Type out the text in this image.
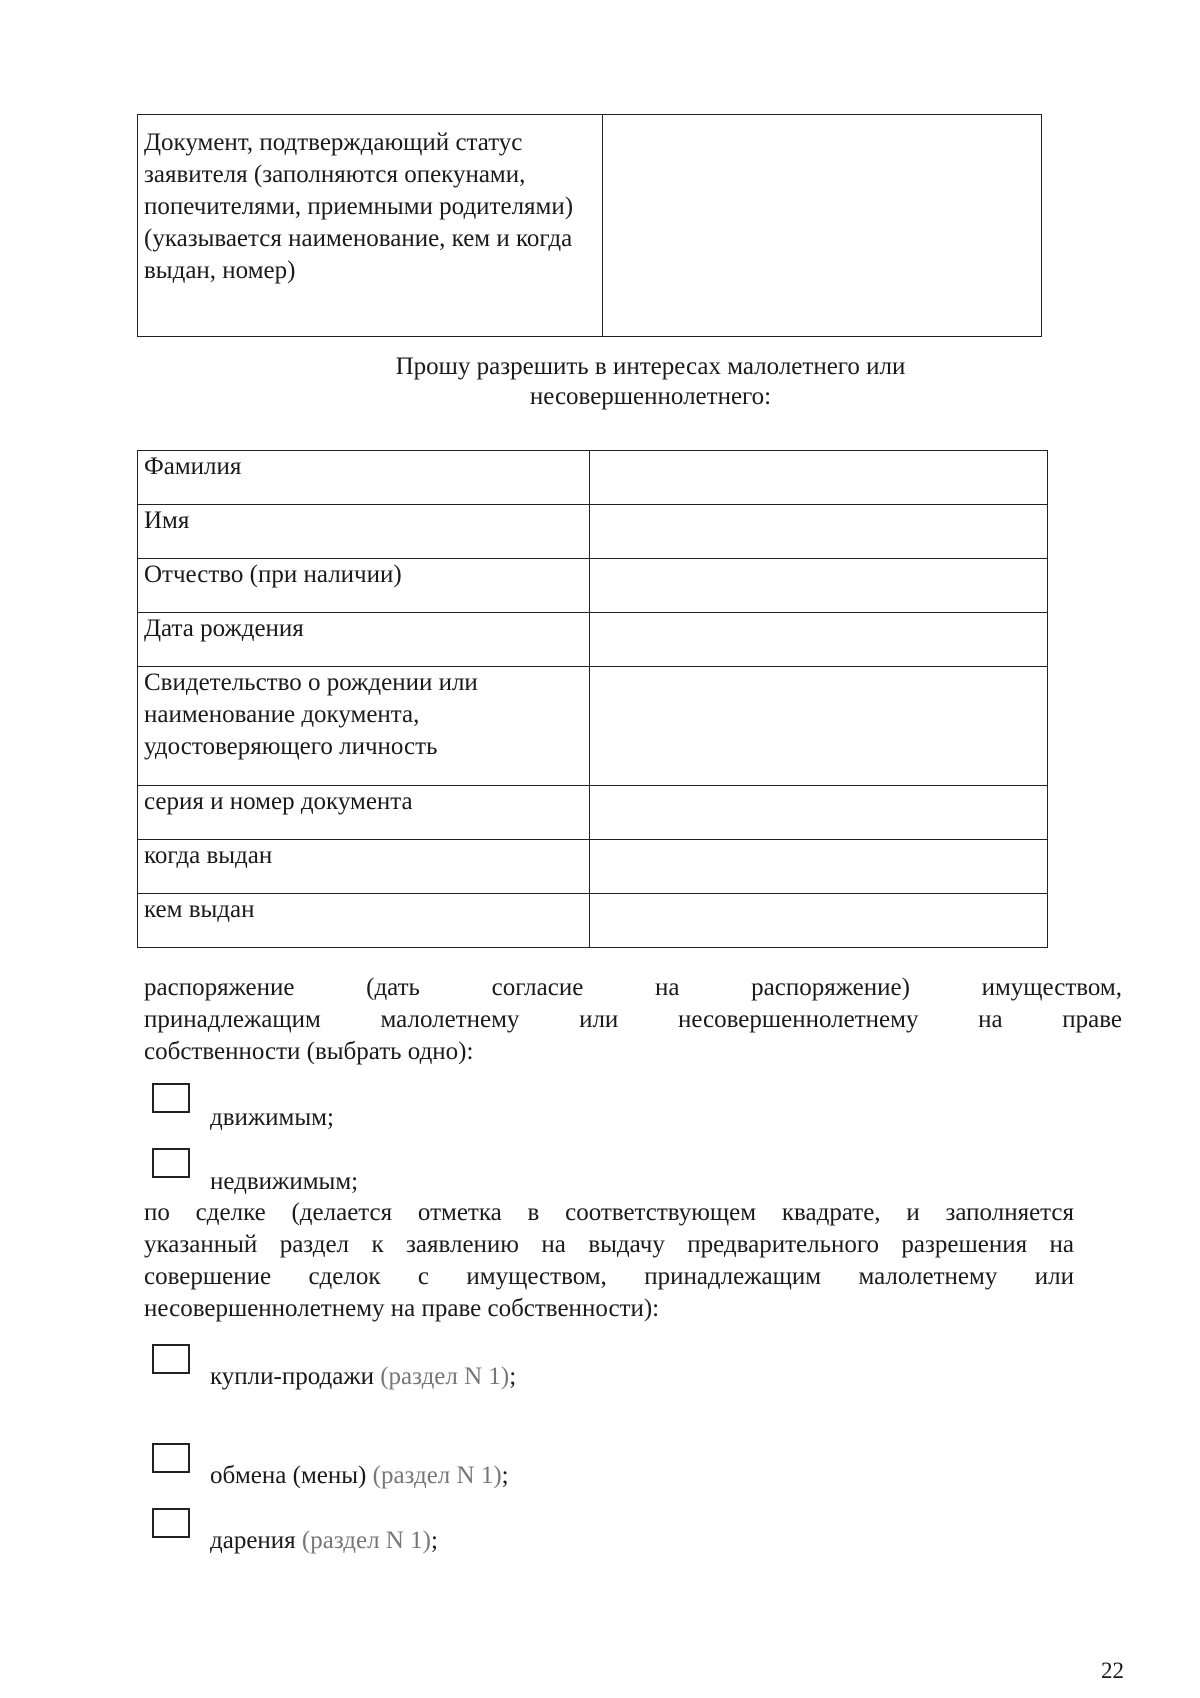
Документ, подтверждающий статус заявителя (заполняются опекунами, попечителями, приемными родителями) (указывается наименование, кем и когда выдан, номер)	
Прошу разрешить в интересах малолетнего или
несовершеннолетнего:
Фамилия	
Имя	
Отчество (при наличии)	
Дата рождения	
Свидетельство о рождении или наименование документа, удостоверяющего личность	
серия и номер документа	
когда выдан	
кем выдан	
распоряжение (дать согласие на распоряжение) имуществом,
принадлежащим малолетнему или несовершеннолетнему на праве
собственности (выбрать одно):
движимым;
недвижимым;
по сделке (делается отметка в соответствующем квадрате, и заполняется
указанный раздел к заявлению на выдачу предварительного разрешения на
совершение сделок с имуществом, принадлежащим малолетнему или
несовершеннолетнему на праве собственности):
купли-продажи (раздел N 1);
обмена (мены) (раздел N 1);
дарения (раздел N 1);
22
